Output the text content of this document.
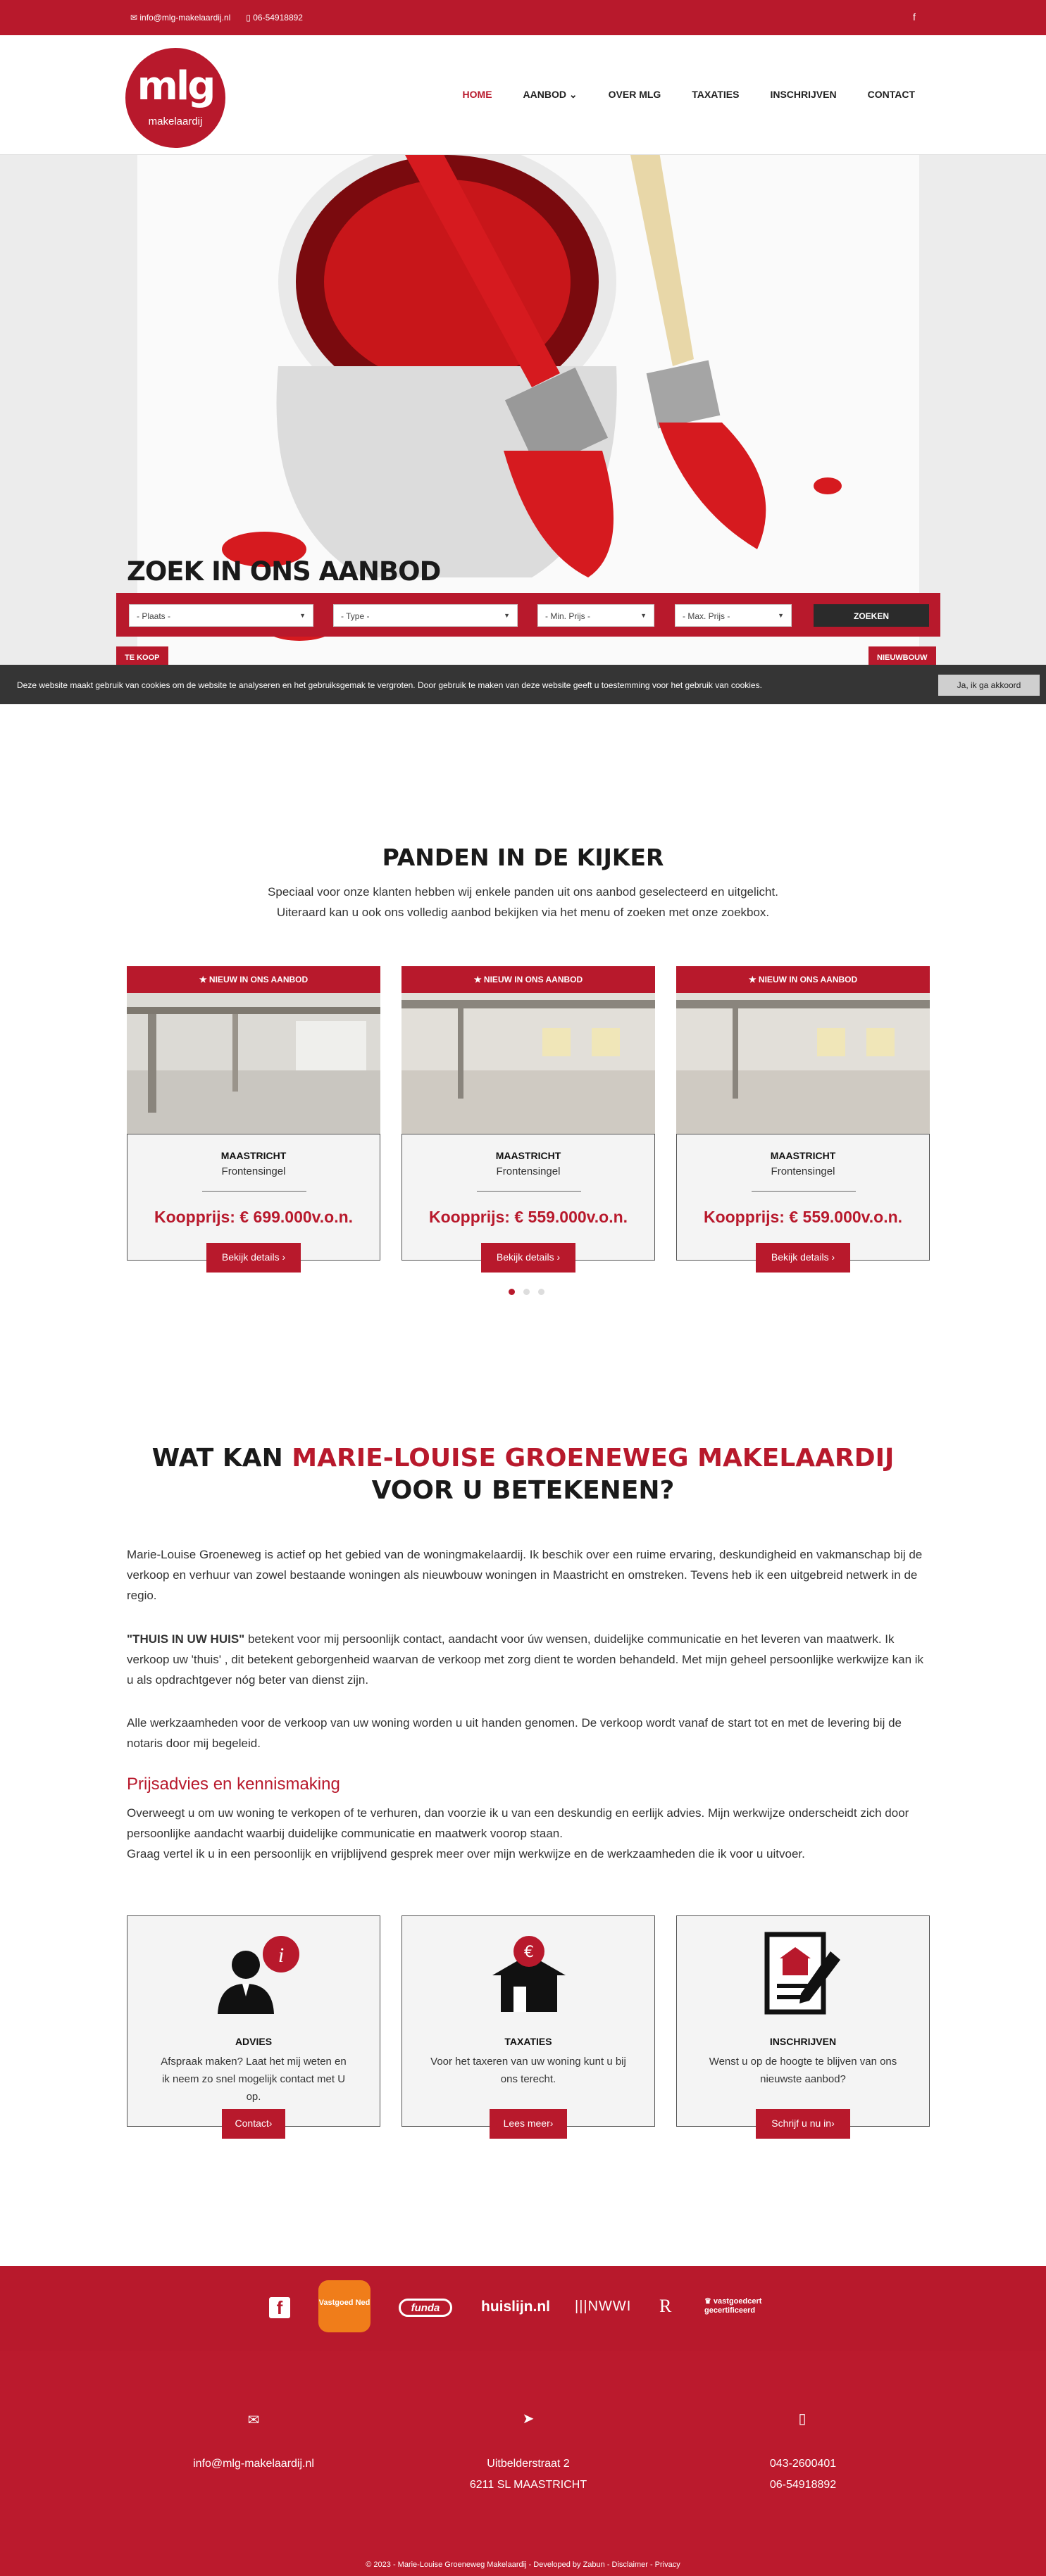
✉ info@mlg-makelaardij.nl ▯ 06-54918892	f
mlg
makelaardij
HOME	AANBOD ⌄	OVER MLG	TAXATIES	INSCHRIJVEN	CONTACT
ZOEK IN ONS AANBOD
- Plaats -	▼	- Type -	▼	- Min. Prijs -	▼	- Max. Prijs -	▼	ZOEKEN
TE KOOP	NIEUWBOUW
Deze website maakt gebruik van cookies om de website te analyseren en het gebruiksgemak te vergroten. Door gebruik te maken van deze website geeft u toestemming voor het gebruik van cookies.	Ja, ik ga akkoord
PANDEN IN DE KIJKER
Speciaal voor onze klanten hebben wij enkele panden uit ons aanbod geselecteerd en uitgelicht.
Uiteraard kan u ook ons volledig aanbod bekijken via het menu of zoeken met onze zoekbox.
★ NIEUW IN ONS AANBOD
MAASTRICHT
Frontensingel
Koopprijs: € 699.000v.o.n.
Bekijk details ›
★ NIEUW IN ONS AANBOD
MAASTRICHT
Frontensingel
Koopprijs: € 559.000v.o.n.
Bekijk details ›
★ NIEUW IN ONS AANBOD
MAASTRICHT
Frontensingel
Koopprijs: € 559.000v.o.n.
Bekijk details ›
WAT KAN MARIE-LOUISE GROENEWEG MAKELAARDIJ
VOOR U BETEKENEN?
Marie-Louise Groeneweg is actief op het gebied van de woningmakelaardij. Ik beschik over een ruime ervaring, deskundigheid en vakmanschap bij de verkoop en verhuur van zowel bestaande woningen als nieuwbouw woningen in Maastricht en omstreken. Tevens heb ik een uitgebreid netwerk in de regio.
"THUIS IN UW HUIS" betekent voor mij persoonlijk contact, aandacht voor úw wensen, duidelijke communicatie en het leveren van maatwerk. Ik verkoop uw 'thuis' , dit betekent geborgenheid waarvan de verkoop met zorg dient te worden behandeld. Met mijn geheel persoonlijke werkwijze kan ik u als opdrachtgever nóg beter van dienst zijn.
Alle werkzaamheden voor de verkoop van uw woning worden u uit handen genomen. De verkoop wordt vanaf de start tot en met de levering bij de notaris door mij begeleid.
Prijsadvies en kennismaking
Overweegt u om uw woning te verkopen of te verhuren, dan voorzie ik u van een deskundig en eerlijk advies. Mijn werkwijze onderscheidt zich door persoonlijke aandacht waarbij duidelijke communicatie en maatwerk voorop staan.
Graag vertel ik u in een persoonlijk en vrijblijvend gesprek meer over mijn werkwijze en de werkzaamheden die ik voor u uitvoer.
i
ADVIES
Afspraak maken? Laat het mij weten en ik neem zo snel mogelijk contact met U op.
Contact›
€
TAXATIES
Voor het taxeren van uw woning kunt u bij ons terecht.
Lees meer›
INSCHRIJVEN
Wenst u op de hoogte te blijven van ons nieuwste aanbod?
Schrijf u nu in›
f	Vastgoed Ned	funda	huislijn.nl |||NWWI R	♛ vastgoedcert gecertificeerd
✉	➤	▯
info@mlg-makelaardij.nl	Uitbelderstraat 2
6211 SL MAASTRICHT
043-2600401
06-54918892
© 2023 - Marie-Louise Groeneweg Makelaardij - Developed by Zabun - Disclaimer - Privacy
